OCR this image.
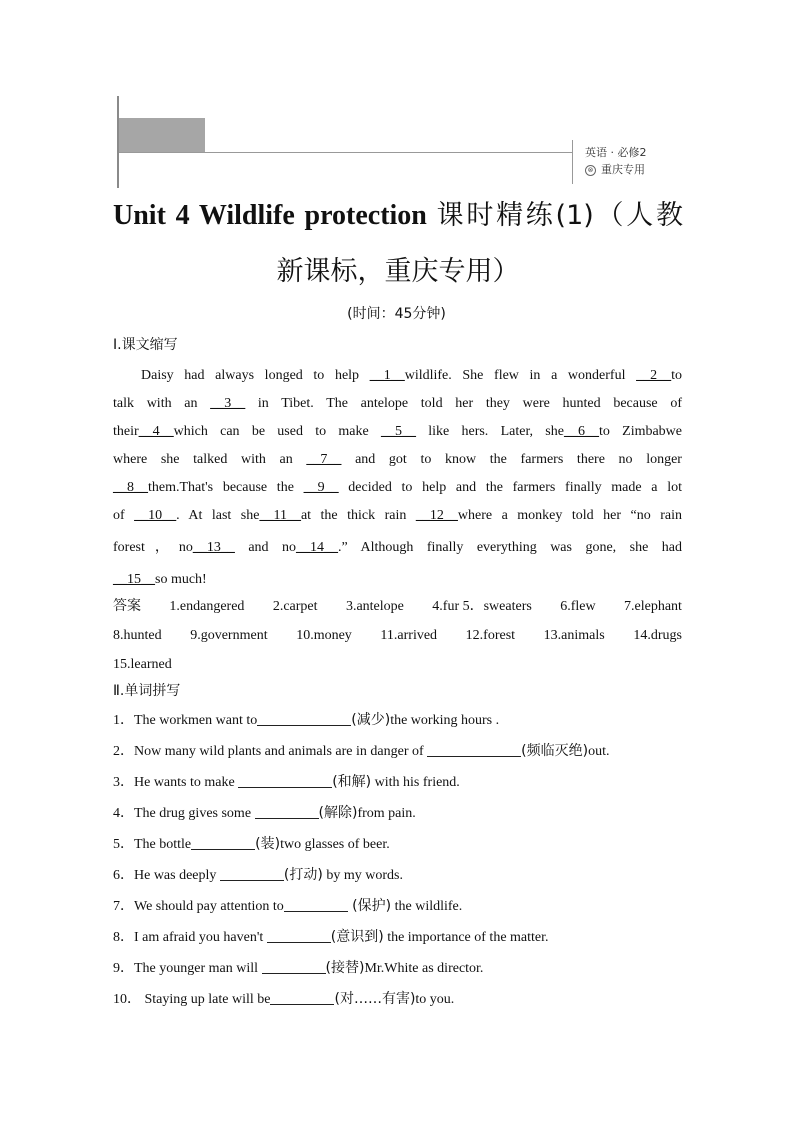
英语 · 必修2
⊗ 重庆专用
Unit 4 Wildlife protection 课时精练(1)（人教 新课标，重庆专用）
(时间：45分钟)
Ⅰ.课文缩写
Daisy had always longed to help __1__wildlife. She flew in a wonderful __2__to
talk with an __3__ in Tibet. The antelope told her they were hunted because of
their__4__which can be used to make __5__ like hers. Later, she__6__to Zimbabwe
where she talked with an __7__ and got to know the farmers there no longer
__8__them.That's because the __9__ decided to help and the farmers finally made a lot
of __10__. At last she__11__at the thick rain __12__where a monkey told her “no rain
forest，no__13__ and no__14__.” Although finally everything was gone, she had
__15__so much!
答案 1.endangered 2.carpet 3.antelope 4.fur 5．sweaters 6.flew 7.elephant
8.hunted 9.government 10.money 11.arrived 12.forest 13.animals 14.drugs
15.learned
Ⅱ.单词拼写
1．The workmen want to	(减少)the working hours .
2．Now many wild plants and animals are in danger of	(频临灭绝)out.
3．He wants to make	(和解) with his friend.
4．The drug gives some	(解除)from pain.
5．The bottle	(装)two glasses of beer.
6．He was deeply	(打动) by my words.
7．We should pay attention to	(保护) the wildlife.
8．I am afraid you haven't	(意识到) the importance of the matter.
9．The younger man will	(接替)Mr.White as director.
10． Staying up late will be	(对……有害)to you.
